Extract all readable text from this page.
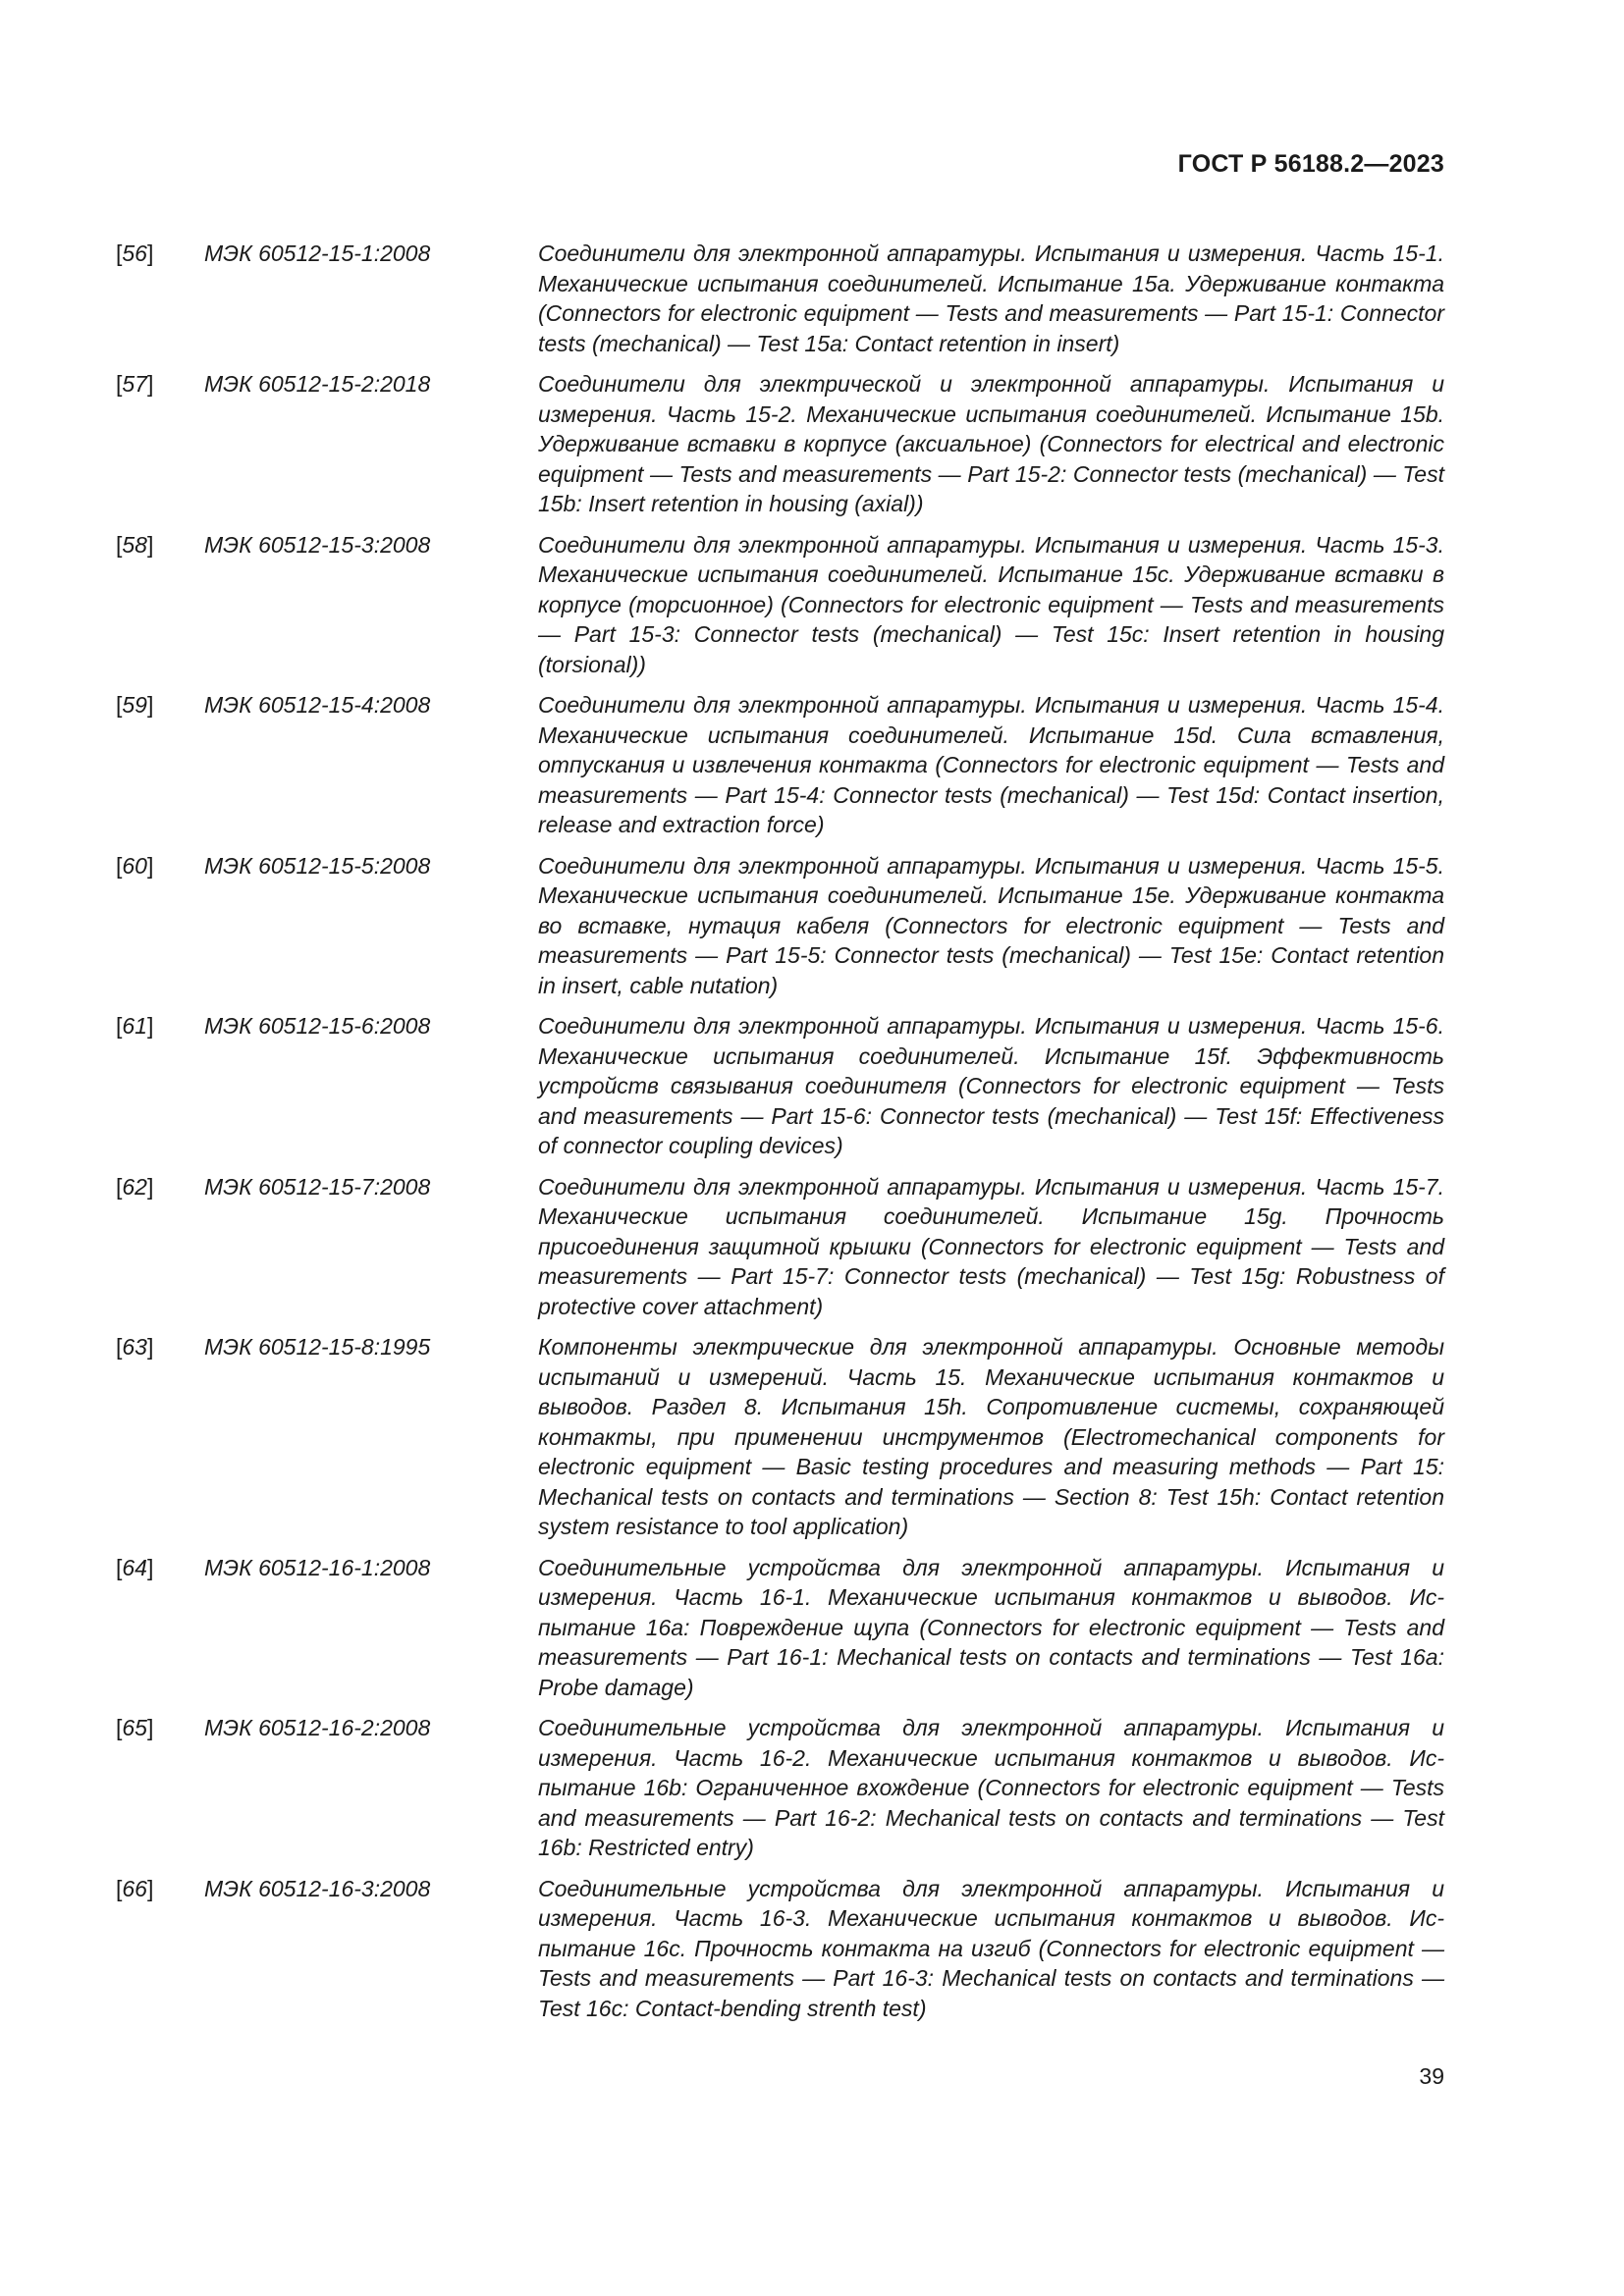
ГОСТ Р 56188.2—2023
[56]	МЭК 60512-15-1:2008	Соединители для электронной аппаратуры. Испытания и измерения. Часть 15-1. Механические испытания соединителей. Испытание 15а. Удерживание контакта (Connectors for electronic equipment — Tests and measurements — Part 15-1: Connector tests (mechanical) — Test 15a: Contact retention in insert)
[57]	МЭК 60512-15-2:2018	Соединители для электрической и электронной аппаратуры. Испытания и измерения. Часть 15-2. Механические испытания соединителей. Испытание 15b. Удерживание вставки в корпусе (аксиальное) (Connectors for electrical and electronic equipment — Tests and measurements — Part 15-2: Connector tests (mechanical) — Test 15b: Insert retention in housing (axial))
[58]	МЭК 60512-15-3:2008	Соединители для электронной аппаратуры. Испытания и измерения. Часть 15-3. Механические испытания соединителей. Испытание 15с. Удерживание вставки в корпусе (торсионное) (Connectors for electronic equipment — Tests and measurements — Part 15-3: Connector tests (mechanical) — Test 15c: Insert retention in housing (torsional))
[59]	МЭК 60512-15-4:2008	Соединители для электронной аппаратуры. Испытания и измерения. Часть 15-4. Механические испытания соединителей. Испытание 15d. Сила вставления, отпускания и извлечения контакта (Connectors for electronic equipment — Tests and measurements — Part 15-4: Connector tests (mechanical) — Test 15d: Contact insertion, release and extraction force)
[60]	МЭК 60512-15-5:2008	Соединители для электронной аппаратуры. Испытания и измерения. Часть 15-5. Механические испытания соединителей. Испытание 15е. Удерживание контакта во вставке, нутация кабеля (Connectors for electronic equipment — Tests and measurements — Part 15-5: Connector tests (mechanical) — Test 15e: Contact retention in insert, cable nutation)
[61]	МЭК 60512-15-6:2008	Соединители для электронной аппаратуры. Испытания и измерения. Часть 15-6. Механические испытания соединителей. Испытание 15f. Эффективность устройств связывания соединителя (Connectors for electronic equipment — Tests and measurements — Part 15-6: Connector tests (mechanical) — Test 15f: Effectiveness of connector coupling devices)
[62]	МЭК 60512-15-7:2008	Соединители для электронной аппаратуры. Испытания и измерения. Часть 15-7. Механические испытания соединителей. Испытание 15g. Прочность присоединения защитной крышки (Connectors for electronic equipment — Tests and measurements — Part 15-7: Connector tests (mechanical) — Test 15g: Robustness of protective cover attachment)
[63]	МЭК 60512-15-8:1995	Компоненты электрические для электронной аппаратуры. Основные методы испытаний и измерений. Часть 15. Механические испытания контактов и выводов. Раздел 8. Испытания 15h. Сопротивление системы, сохраняющей контакты, при применении инструментов (Electromechanical components for electronic equipment — Basic testing procedures and measuring methods — Part 15: Mechanical tests on contacts and terminations — Section 8: Test 15h: Contact retention system resistance to tool application)
[64]	МЭК 60512-16-1:2008	Соединительные устройства для электронной аппаратуры. Испытания и измерения. Часть 16-1. Механические испытания контактов и выводов. Испытание 16а: Повреждение щупа (Connectors for electronic equipment — Tests and measurements — Part 16-1: Mechanical tests on contacts and terminations — Test 16a: Probe damage)
[65]	МЭК 60512-16-2:2008	Соединительные устройства для электронной аппаратуры. Испытания и измерения. Часть 16-2. Механические испытания контактов и выводов. Испытание 16b: Ограниченное вхождение (Connectors for electronic equipment — Tests and measurements — Part 16-2: Mechanical tests on contacts and terminations — Test 16b: Restricted entry)
[66]	МЭК 60512-16-3:2008	Соединительные устройства для электронной аппаратуры. Испытания и измерения. Часть 16-3. Механические испытания контактов и выводов. Испытание 16с. Прочность контакта на изгиб (Connectors for electronic equipment — Tests and measurements — Part 16-3: Mechanical tests on contacts and terminations — Test 16c: Contact-bending strenth test)
39
